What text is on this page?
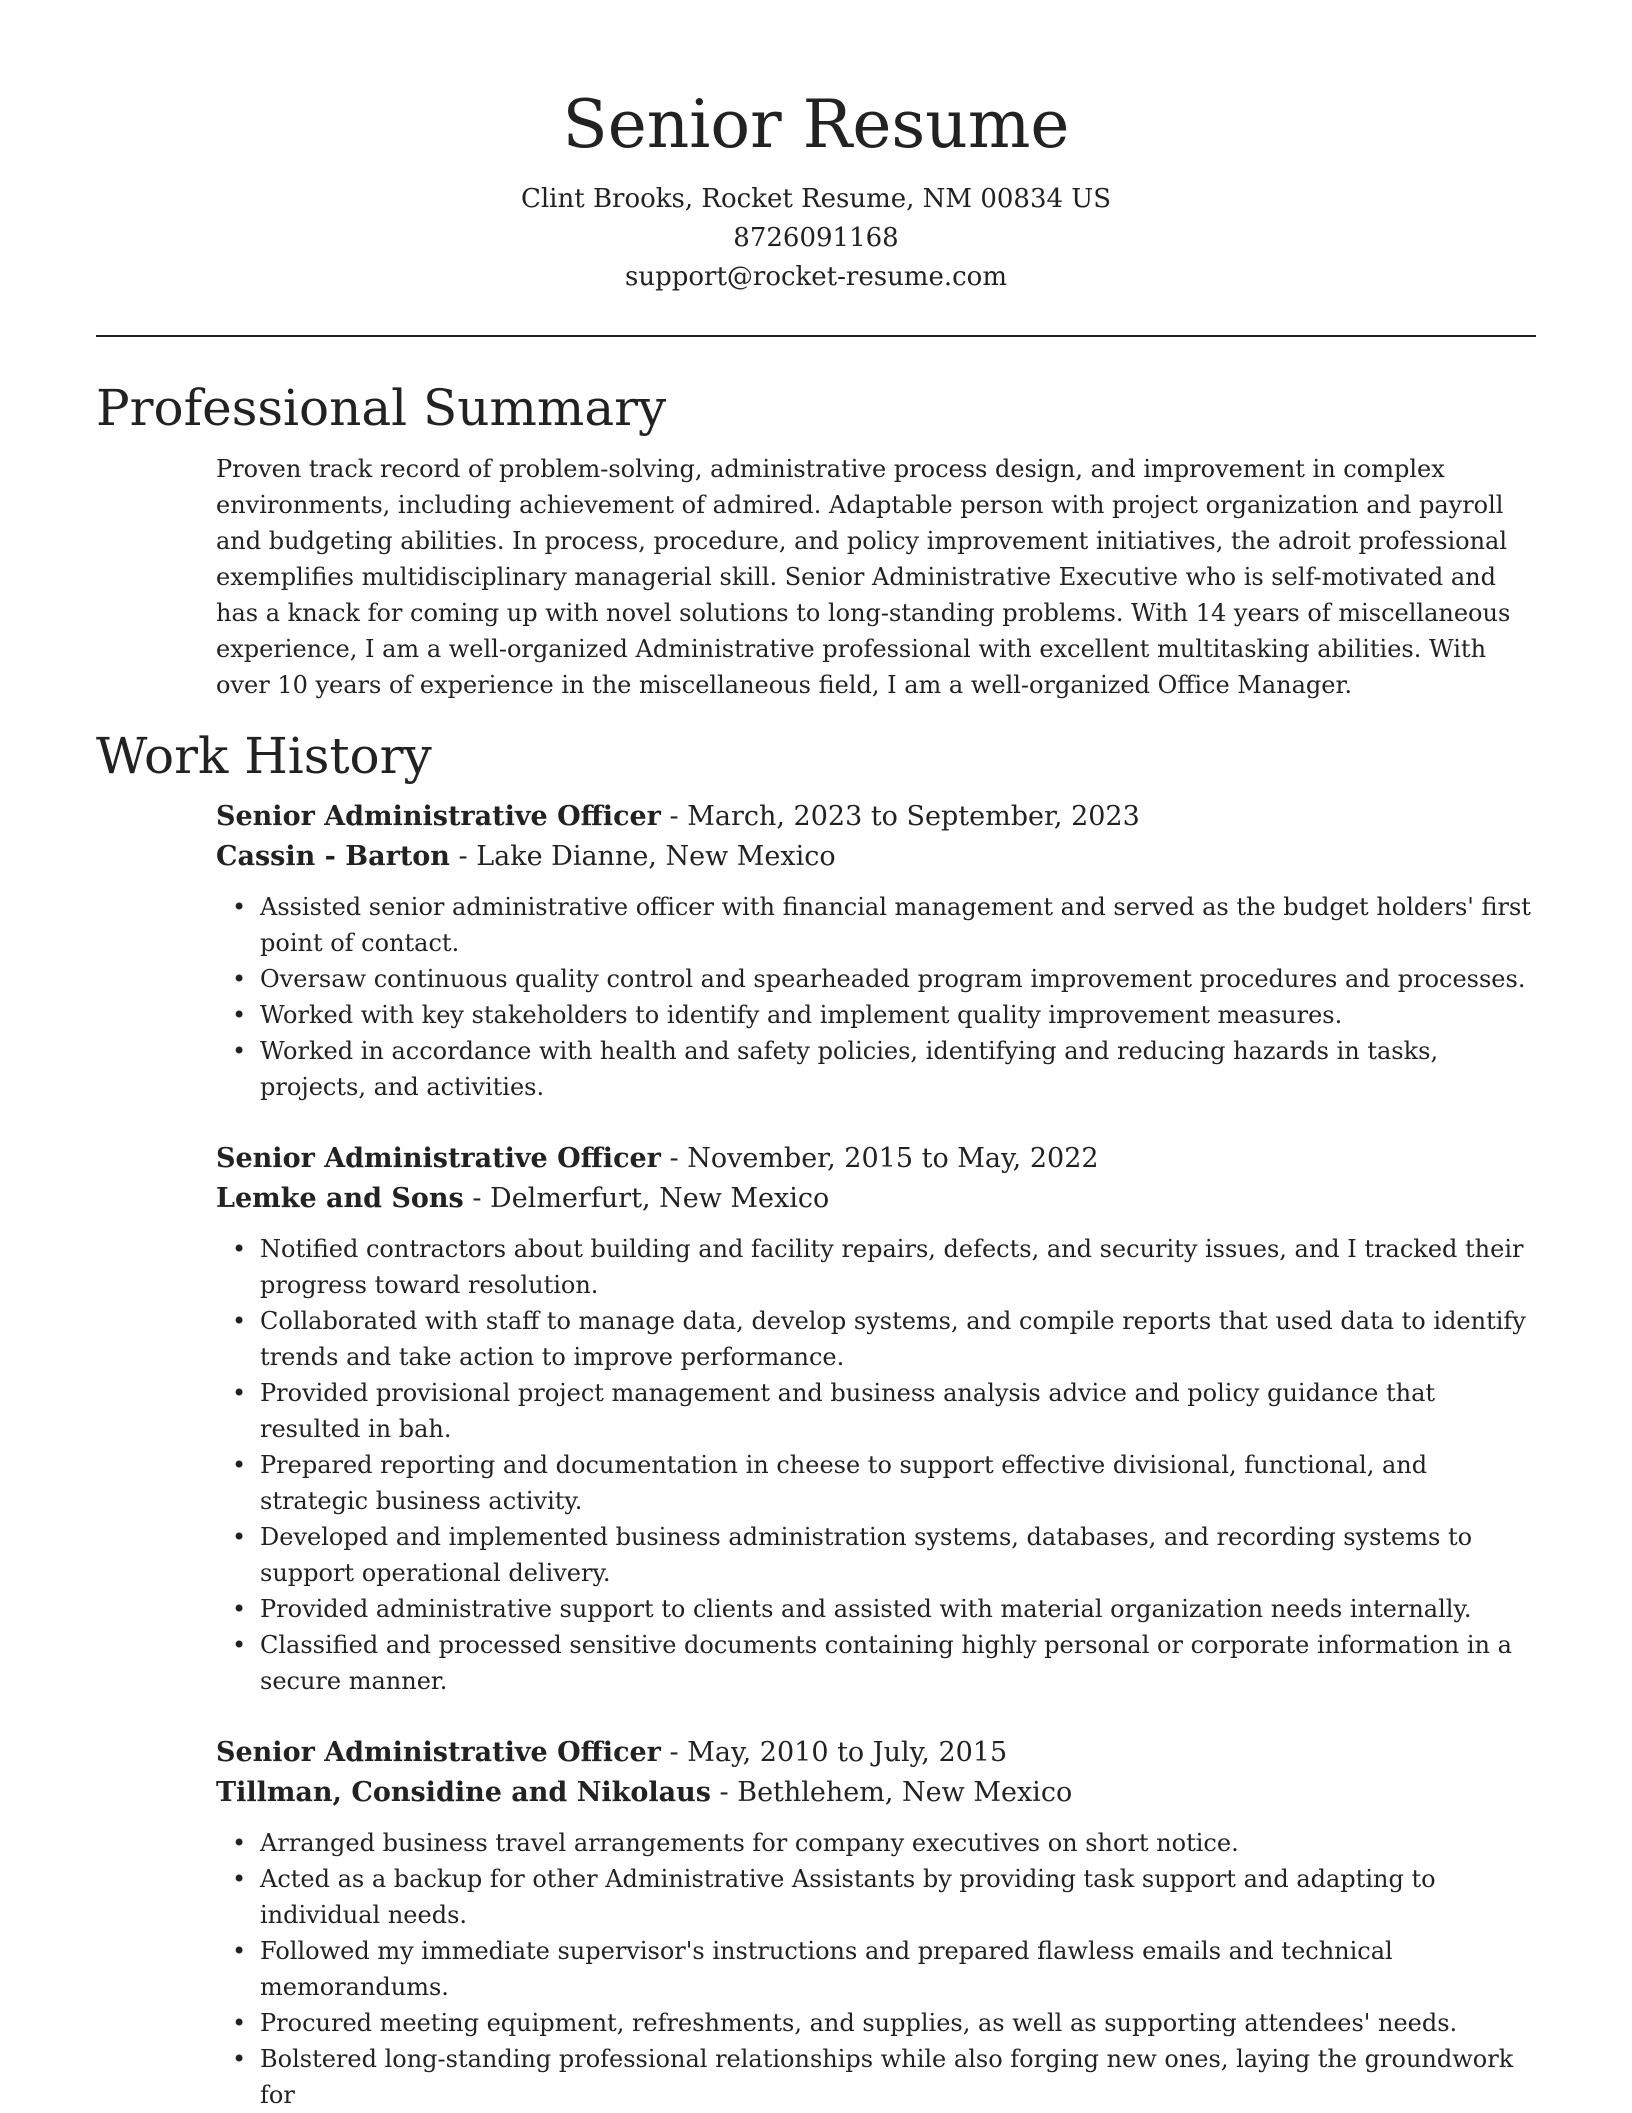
Senior Resume

Clint Brooks, Rocket Resume, NM 00834 US

8726091168

support@rocket-resume.com

Professional Summary

Proven track record of problem-solving, administrative process design, and improvement in complex environments, including achievement of admired. Adaptable person with project organization and payroll and budgeting abilities. In process, procedure, and policy improvement initiatives, the adroit professional exemplifies multidisciplinary managerial skill. Senior Administrative Executive who is self-motivated and has a knack for coming up with novel solutions to long-standing problems. With 14 years of miscellaneous experience, I am a well-organized Administrative professional with excellent multitasking abilities. With over 10 years of experience in the miscellaneous field, I am a well-organized Office Manager.

Work History

Senior Administrative Officer - March, 2023 to September, 2023

Cassin - Barton - Lake Dianne, New Mexico

• Assisted senior administrative officer with financial management and served as the budget holders' first point of contact.
• Oversaw continuous quality control and spearheaded program improvement procedures and processes.
• Worked with key stakeholders to identify and implement quality improvement measures.
• Worked in accordance with health and safety policies, identifying and reducing hazards in tasks, projects, and activities.

Senior Administrative Officer - November, 2015 to May, 2022

Lemke and Sons - Delmerfurt, New Mexico

• Notified contractors about building and facility repairs, defects, and security issues, and I tracked their progress toward resolution.
• Collaborated with staff to manage data, develop systems, and compile reports that used data to identify trends and take action to improve performance.
• Provided provisional project management and business analysis advice and policy guidance that resulted in bah.
• Prepared reporting and documentation in cheese to support effective divisional, functional, and strategic business activity.
• Developed and implemented business administration systems, databases, and recording systems to support operational delivery.
• Provided administrative support to clients and assisted with material organization needs internally.
• Classified and processed sensitive documents containing highly personal or corporate information in a secure manner.

Senior Administrative Officer - May, 2010 to July, 2015

Tillman, Considine and Nikolaus - Bethlehem, New Mexico

• Arranged business travel arrangements for company executives on short notice.
• Acted as a backup for other Administrative Assistants by providing task support and adapting to individual needs.
• Followed my immediate supervisor's instructions and prepared flawless emails and technical memorandums.
• Procured meeting equipment, refreshments, and supplies, as well as supporting attendees' needs.
• Bolstered long-standing professional relationships while also forging new ones, laying the groundwork for
